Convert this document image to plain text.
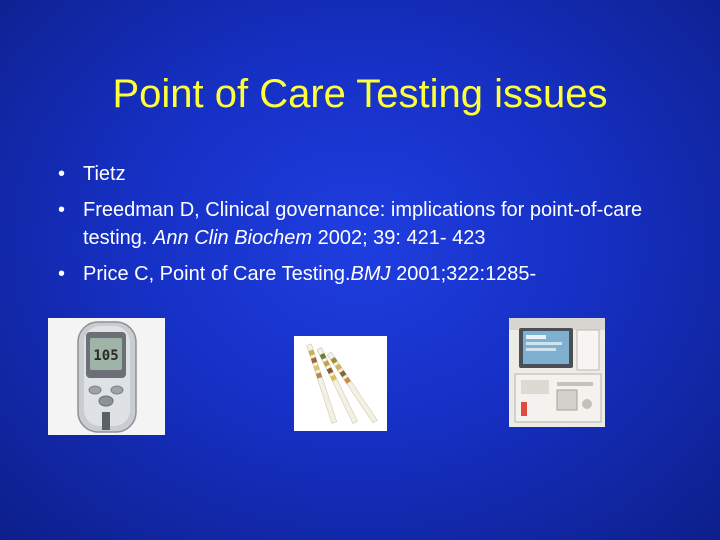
Point of Care Testing issues
• Tietz
• Freedman D, Clinical governance: implications for point-of-care testing. Ann Clin Biochem 2002; 39: 421- 423
• Price C, Point of Care Testing.BMJ 2001;322:1285-
105
